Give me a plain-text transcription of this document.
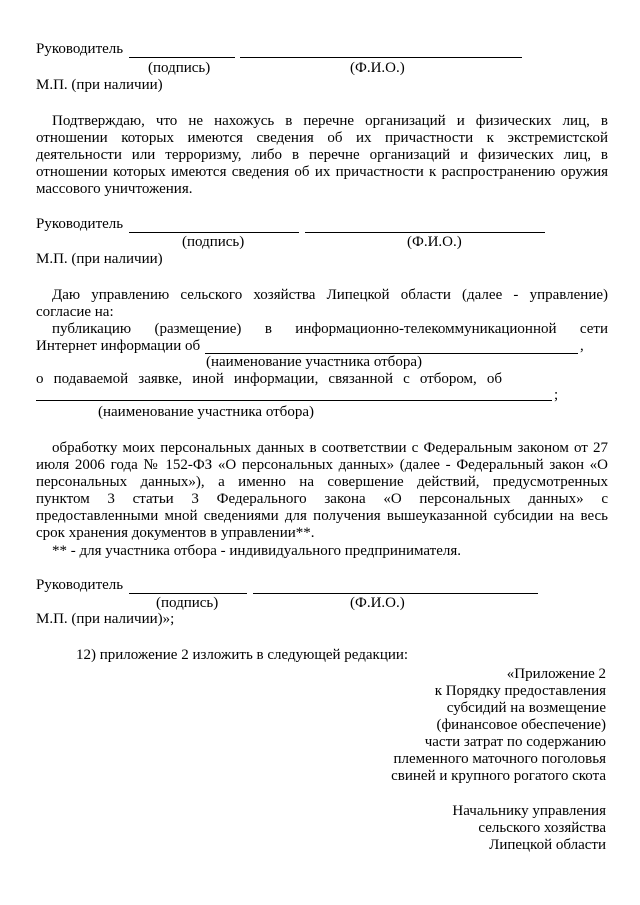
Руководитель
(подпись)	(Ф.И.О.)
М.П. (при наличии)
Подтверждаю, что не нахожусь в перечне организаций и физических лиц, в
отношении которых имеются сведения об их причастности к экстремистской
деятельности или терроризму, либо в перечне организаций и физических лиц, в
отношении которых имеются сведения об их причастности к распространению оружия
массового уничтожения.
Руководитель
(подпись)	(Ф.И.О.)
М.П. (при наличии)
Даю управлению сельского хозяйства Липецкой области (далее - управление)
согласие на:
публикацию (размещение) в информационно-телекоммуникационной сети
Интернет информации об	,
(наименование участника отбора)
о подаваемой заявке, иной информации, связанной с отбором, об
;
(наименование участника отбора)
обработку моих персональных данных в соответствии с Федеральным законом от 27
июля 2006 года № 152-ФЗ «О персональных данных» (далее - Федеральный закон «О
персональных данных»), а именно на совершение действий, предусмотренных
пунктом 3 статьи 3 Федерального закона «О персональных данных» с
предоставленными мной сведениями для получения вышеуказанной субсидии на весь
срок хранения документов в управлении**.
** - для участника отбора - индивидуального предпринимателя.
Руководитель
(подпись)	(Ф.И.О.)
М.П. (при наличии)»;
12) приложение 2 изложить в следующей редакции:
«Приложение 2
к Порядку предоставления
субсидий на возмещение
(финансовое обеспечение)
части затрат по содержанию
племенного маточного поголовья
свиней и крупного рогатого скота
Начальнику управления
сельского хозяйства
Липецкой области
